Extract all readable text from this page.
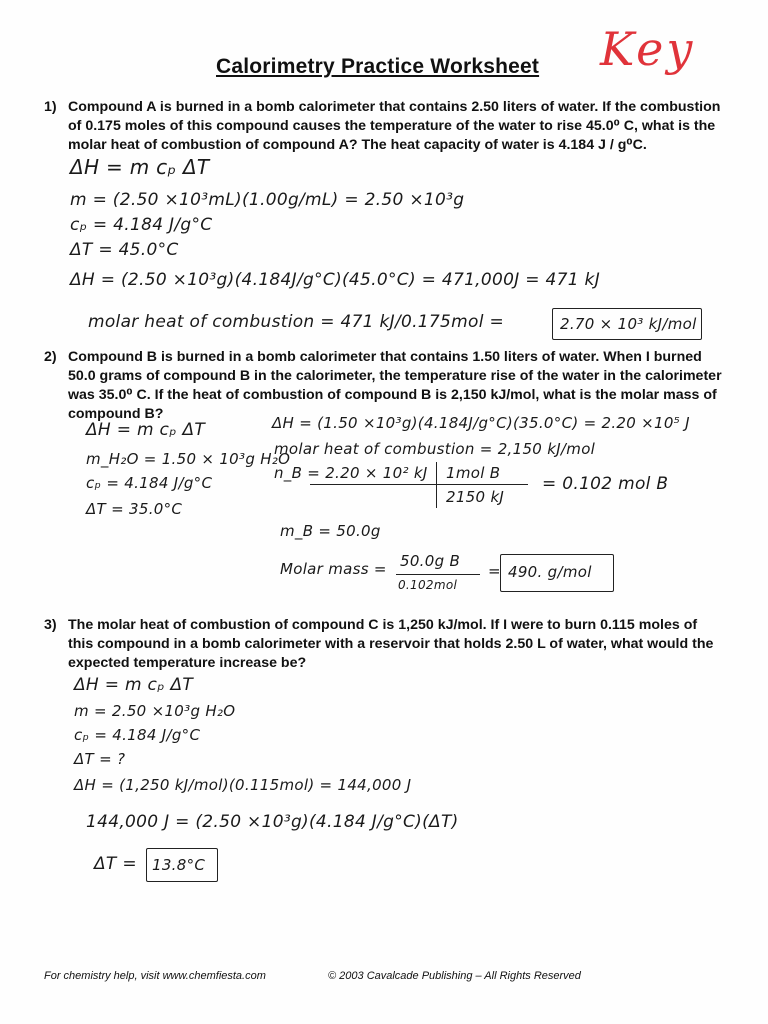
Calorimetry Practice Worksheet Key
1) Compound A is burned in a bomb calorimeter that contains 2.50 liters of water. If the combustion of 0.175 moles of this compound causes the temperature of the water to rise 45.0⁰ C, what is the molar heat of combustion of compound A? The heat capacity of water is 4.184 J / g⁰C.
ΔH = m cₚ ΔT
m = (2.50 ×10³mL)(1.00g/mL) = 2.50 ×10³g
cₚ = 4.184 J/g°C
ΔT = 45.0°C
ΔH = (2.50 ×10³g)(4.184J/g°C)(45.0°C) = 471,000J = 471 kJ
molar heat of combustion = 471 kJ/0.175mol =	2.70 × 10³ kJ/mol
2) Compound B is burned in a bomb calorimeter that contains 1.50 liters of water. When I burned 50.0 grams of compound B in the calorimeter, the temperature rise of the water in the calorimeter was 35.0⁰ C. If the heat of combustion of compound B is 2,150 kJ/mol, what is the molar mass of compound B?
ΔH = m cₚ ΔT
m_H₂O = 1.50 × 10³g H₂O
cₚ = 4.184 J/g°C
ΔT = 35.0°C
ΔH = (1.50 ×10³g)(4.184J/g°C)(35.0°C) = 2.20 ×10⁵ J
molar heat of combustion = 2,150 kJ/mol
n_B = 2.20 × 10² kJ 1mol B
2150 kJ
= 0.102 mol B
m_B = 50.0g
Molar mass = 50.0g B
0.102mol
= 490. g/mol
3) The molar heat of combustion of compound C is 1,250 kJ/mol. If I were to burn 0.115 moles of this compound in a bomb calorimeter with a reservoir that holds 2.50 L of water, what would the expected temperature increase be?
ΔH = m cₚ ΔT
m = 2.50 ×10³g H₂O
cₚ = 4.184 J/g°C
ΔT = ?
ΔH = (1,250 kJ/mol)(0.115mol) = 144,000 J
144,000 J = (2.50 ×10³g)(4.184 J/g°C)(ΔT)
ΔT = 13.8°C
For chemistry help, visit www.chemfiesta.com	© 2003 Cavalcade Publishing – All Rights Reserved
